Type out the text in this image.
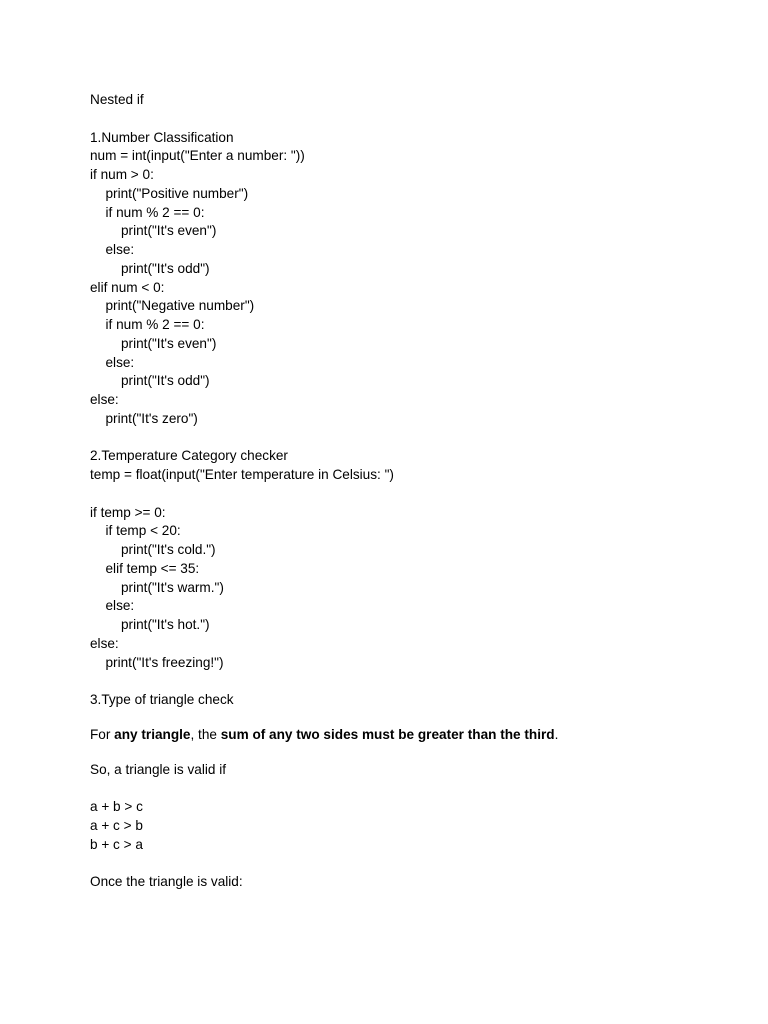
Nested if
1.Number Classification
num = int(input("Enter a number: "))
if num > 0:
print("Positive number")
if num % 2 == 0:
print("It's even")
else:
print("It's odd")
elif num < 0:
print("Negative number")
if num % 2 == 0:
print("It's even")
else:
print("It's odd")
else:
print("It's zero")
2.Temperature Category checker
temp = float(input("Enter temperature in Celsius: ")
if temp >= 0:
if temp < 20:
print("It's cold.")
elif temp <= 35:
print("It's warm.")
else:
print("It's hot.")
else:
print("It's freezing!")
3.Type of triangle check
For any triangle, the sum of any two sides must be greater than the third.
So, a triangle is valid if
a + b > c
a + c > b
b + c > a
Once the triangle is valid:
